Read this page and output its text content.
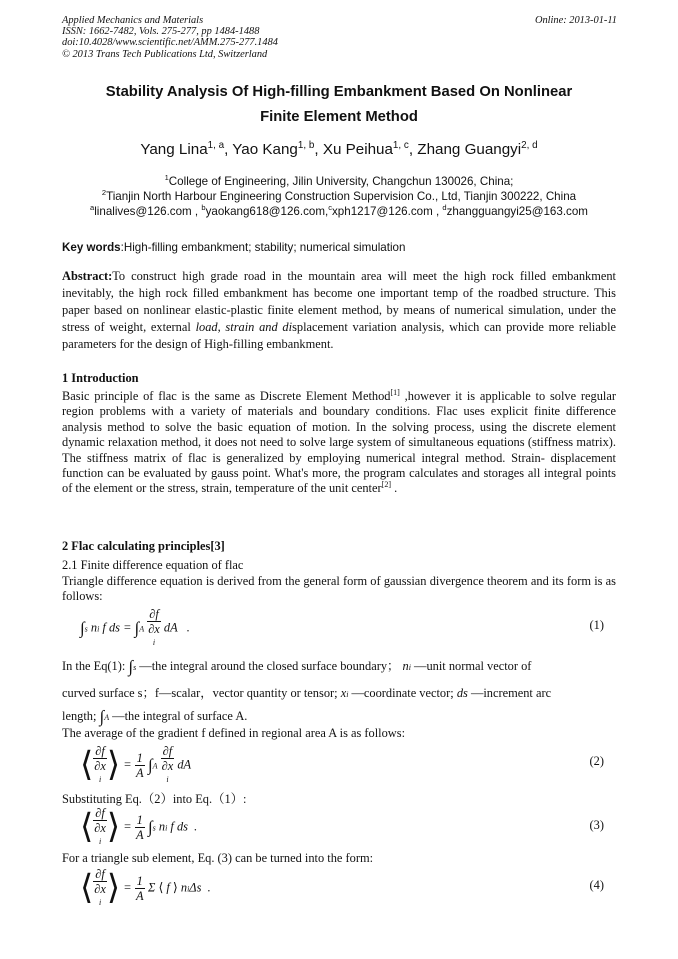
Applied Mechanics and Materials
ISSN: 1662-7482, Vols. 275-277, pp 1484-1488
doi:10.4028/www.scientific.net/AMM.275-277.1484
© 2013 Trans Tech Publications Ltd, Switzerland
Online: 2013-01-11
Stability Analysis Of High-filling Embankment Based On Nonlinear
Finite Element Method
Yang Lina$^{1, a}$, Yao Kang$^{1, b}$, Xu Peihua$^{1, c}$, Zhang Guangyi$^{2, d}$
$^1$College of Engineering, Jilin University, Changchun 130026, China;
$^2$Tianjin North Harbour Engineering Construction Supervision Co., Ltd, Tianjin 300222, China
$^a$linalives@126.com , $^b$yaokang618@126.com,$^c$xph1217@126.com , $^d$zhangguangyi25@163.com
Key words:High-filling embankment; stability; numerical simulation
Abstract:To construct high grade road in the mountain area will meet the high rock filled embankment inevitably, the high rock filled embankment has become one important temp of the roadbed structure. This paper based on nonlinear elastic-plastic finite element method, by means of numerical simulation, under the stress of weight, external load, strain and displacement variation analysis, which can provide more reliable parameters for the design of High-filling embankment.
1 Introduction
Basic principle of flac is the same as Discrete Element Method[1] ,however it is applicable to solve regular region problems with a variety of materials and boundary conditions. Flac uses explicit finite difference analysis method to solve the basic equation of motion. In the solving process, using the discrete element dynamic relaxation method, it does not need to solve large system of simultaneous equations (stiffness matrix). The stiffness matrix of flac is generalized by employing numerical integral method. Strain- displacement function can be evaluated by gauss point. What's more, the program calculates and storages all integral points of the element or the stress, strain, temperature of the unit center[2] .
2 Flac calculating principles[3]
2.1 Finite difference equation of flac
Triangle difference equation is derived from the general form of gaussian divergence theorem and its form is as follows:
∫s ni f ds = ∫A ∂f
∂x
i dA   .	(1)
In the Eq(1): ∫s —the integral around the closed surface boundary； ni —unit normal vector of
curved surface s；f—scalar，vector quantity or tensor; xi —coordinate vector; ds —increment arc
length; ∫A —the integral of surface A.
The average of the gradient f defined in regional area A is as follows:
⟨ ∂f
∂x
i ⟩ = $\frac{1}{A} \int A$ ∂f
∂x
i dA	(2)
Substituting Eq.（2）into Eq.（1）:
⟨ ∂f
∂x
i ⟩ = $\frac{1}{A} \int s$ ni f ds  .	(3)
For a triangle sub element, Eq. (3) can be turned into the form:
⟨ ∂f
∂x
i ⟩ = $\frac{1}{A}$ Σ ⟨ f ⟩ niΔs  .	(4)
